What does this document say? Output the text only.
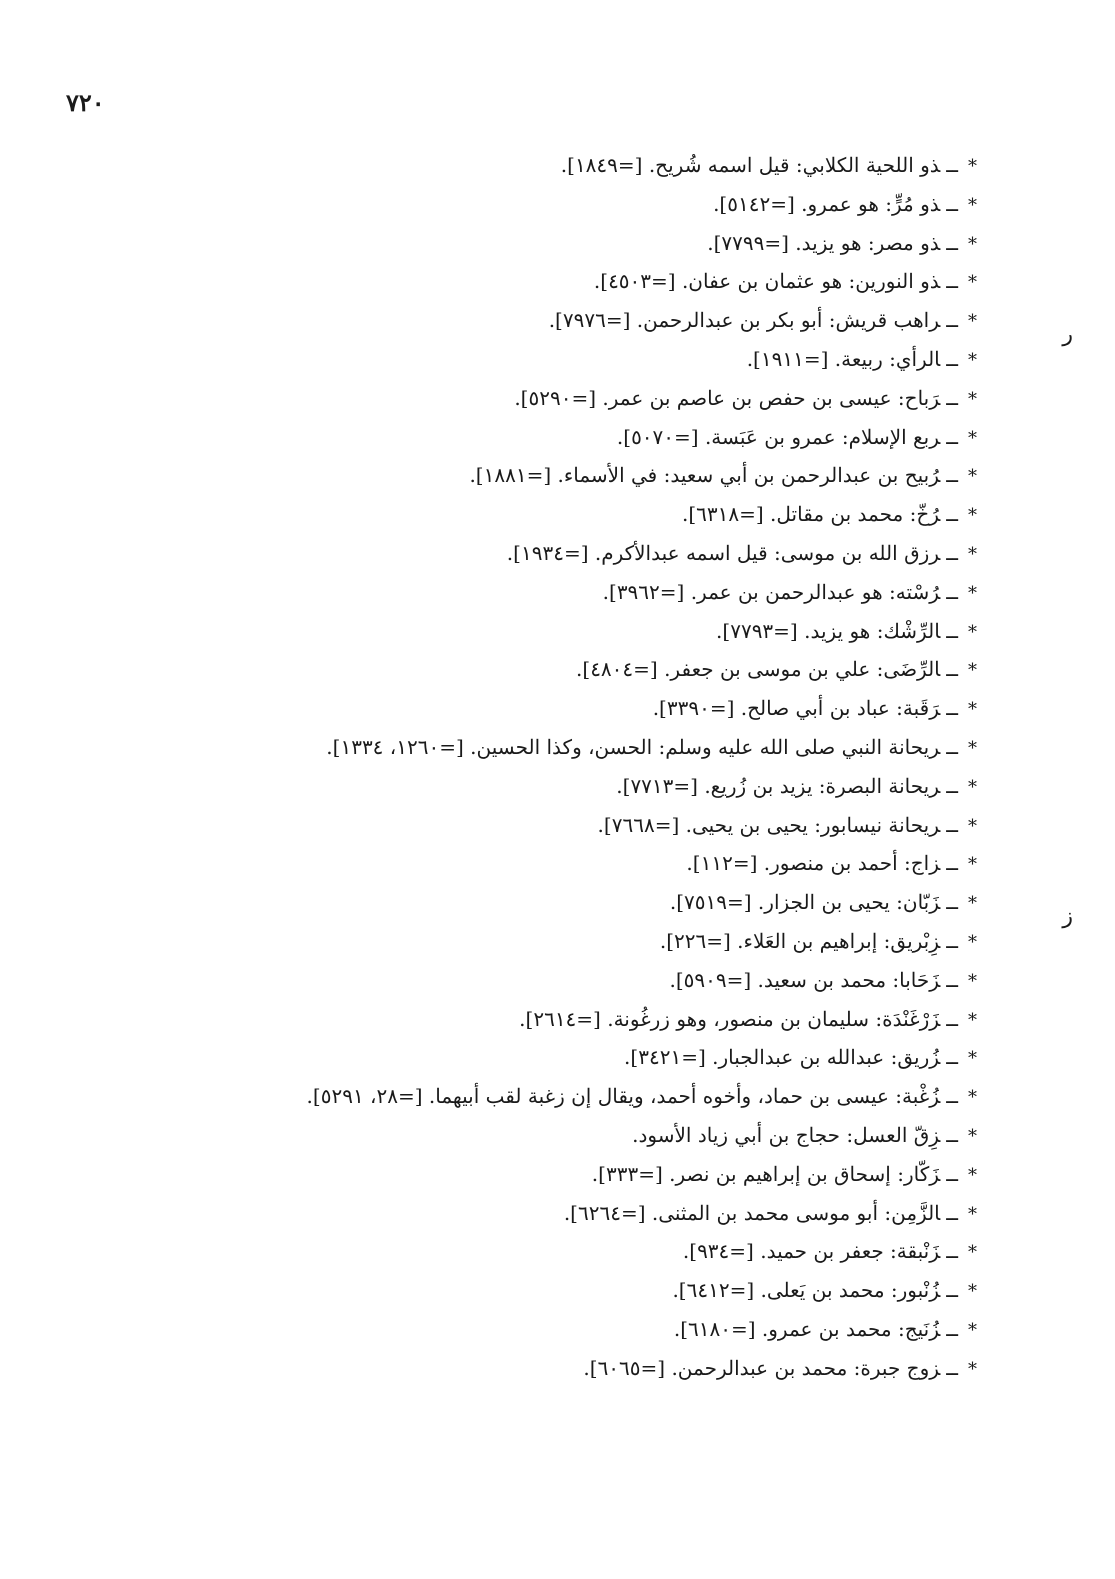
٧٢٠
ر
ز
*ــذو اللحية الكلابي: قيل اسمه شُريح. [=١٨٤٩].
*ــذو مُرٍّ: هو عمرو. [=٥١٤٢].
*ــذو مصر: هو يزيد. [=٧٧٩٩].
*ــذو النورين: هو عثمان بن عفان. [=٤٥٠٣].
*ــراهب قريش: أبو بكر بن عبدالرحمن. [=٧٩٧٦].
*ــالرأي: ربيعة. [=١٩١١].
*ــرَباح: عيسى بن حفص بن عاصم بن عمر. [=٥٢٩٠].
*ــربع الإسلام: عمرو بن عَبَسة. [=٥٠٧٠].
*ــرُبيح بن عبدالرحمن بن أبي سعيد: في الأسماء. [=١٨٨١].
*ــرُخّ: محمد بن مقاتل. [=٦٣١٨].
*ــرزق الله بن موسى: قيل اسمه عبدالأكرم. [=١٩٣٤].
*ــرُسْته: هو عبدالرحمن بن عمر. [=٣٩٦٢].
*ــالرِّشْك: هو يزيد. [=٧٧٩٣].
*ــالرِّضَى: علي بن موسى بن جعفر. [=٤٨٠٤].
*ــرَقَبة: عباد بن أبي صالح. [=٣٣٩٠].
*ــريحانة النبي صلى الله عليه وسلم: الحسن، وكذا الحسين. [=١٢٦٠، ١٣٣٤].
*ــريحانة البصرة: يزيد بن زُريع. [=٧٧١٣].
*ــريحانة نيسابور: يحيى بن يحيى. [=٧٦٦٨].
*ــزاج: أحمد بن منصور. [=١١٢].
*ــزَبّان: يحيى بن الجزار. [=٧٥١٩].
*ــزِبْريق: إبراهيم بن العَلاء. [=٢٢٦].
*ــزَحَابا: محمد بن سعيد. [=٥٩٠٩].
*ــزَرْغَنْدَة: سليمان بن منصور، وهو زرغُونة. [=٢٦١٤].
*ــزُريق: عبدالله بن عبدالجبار. [=٣٤٢١].
*ــزُغْبة: عيسى بن حماد، وأخوه أحمد، ويقال إن زغبة لقب أبيهما. [=٢٨، ٥٢٩١].
*ــزِقّ العسل: حجاج بن أبي زياد الأسود.
*ــزَكّار: إسحاق بن إبراهيم بن نصر. [=٣٣٣].
*ــالزَّمِن: أبو موسى محمد بن المثنى. [=٦٢٦٤].
*ــزَنْبقة: جعفر بن حميد. [=٩٣٤].
*ــزُنْبور: محمد بن يَعلى. [=٦٤١٢].
*ــزُنَيج: محمد بن عمرو. [=٦١٨٠].
*ــزوج جبرة: محمد بن عبدالرحمن. [=٦٠٦٥].
